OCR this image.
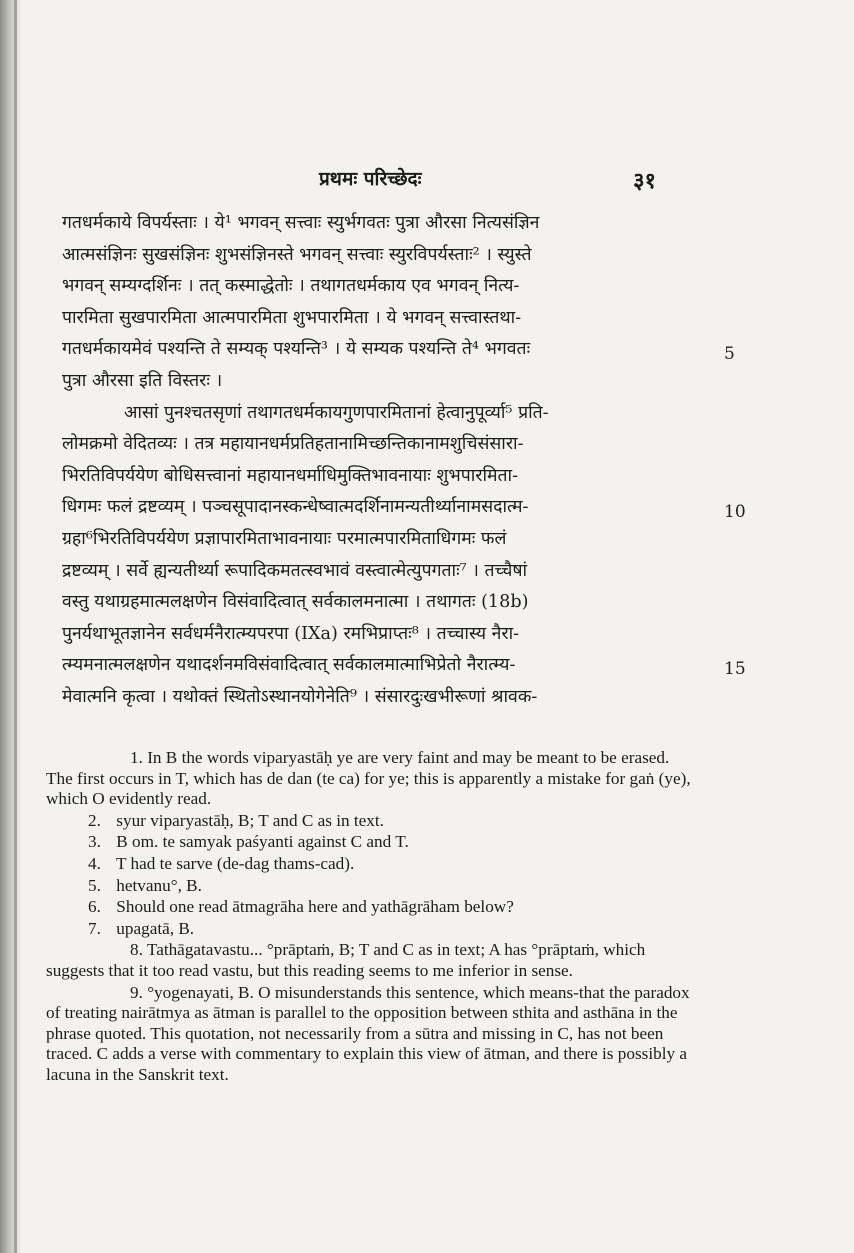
प्रथमः परिच्छेदः	३१
गतधर्मकाये विपर्यस्ताः । ये¹ भगवन् सत्त्वाः स्युर्भगवतः पुत्रा औरसा नित्यसंज्ञिन
आत्मसंज्ञिनः सुखसंज्ञिनः शुभसंज्ञिनस्ते भगवन् सत्त्वाः स्युरविपर्यस्ताः² । स्युस्ते
भगवन् सम्यग्दर्शिनः । तत् कस्माद्धेतोः । तथागतधर्मकाय एव भगवन् नित्य-
पारमिता सुखपारमिता आत्मपारमिता शुभपारमिता । ये भगवन् सत्त्वास्तथा-
गतधर्मकायमेवं पश्यन्ति ते सम्यक् पश्यन्ति³ । ये सम्यक पश्यन्ति ते⁴ भगवतः
पुत्रा औरसा इति विस्तरः ।
आसां पुनश्चतसृणां तथागतधर्मकायगुणपारमितानां हेत्वानुपूर्व्या⁵ प्रति-
लोमक्रमो वेदितव्यः । तत्र महायानधर्मप्रतिहतानामिच्छन्तिकानामशुचिसंसारा-
भिरतिविपर्ययेण बोधिसत्त्वानां महायानधर्माधिमुक्तिभावनायाः शुभपारमिता-
धिगमः फलं द्रष्टव्यम् । पञ्चसूपादानस्कन्धेष्वात्मदर्शिनामन्यतीर्थ्यानामसदात्म-
ग्रहा⁶भिरतिविपर्ययेण प्रज्ञापारमिताभावनायाः परमात्मपारमिताधिगमः फलं
द्रष्टव्यम् । सर्वे ह्यन्यतीर्थ्या रूपादिकमतत्स्वभावं वस्त्वात्मेत्युपगताः⁷ । तच्चैषां
वस्तु यथाग्रहमात्मलक्षणेन विसंवादित्वात् सर्वकालमनात्मा । तथागतः (18b)
पुनर्यथाभूतज्ञानेन सर्वधर्मनैरात्म्यपरपा (IXa) रमभिप्राप्तः⁸ । तच्चास्य नैरा-
त्म्यमनात्मलक्षणेन यथादर्शनमविसंवादित्वात् सर्वकालमात्माभिप्रेतो नैरात्म्य-
मेवात्मनि कृत्वा । यथोक्तं स्थितोऽस्थानयोगेनेति⁹ । संसारदुःखभीरूणां श्रावक-
5
10
15
1. In B the words viparyastāḥ ye are very faint and may be meant to be erased. The first occurs in T, which has de dan (te ca) for ye; this is apparently a mistake for gaṅ (ye), which O evidently read.
2. syur viparyastāḥ, B; T and C as in text.
3. B om. te samyak paśyanti against C and T.
4. T had te sarve (de-dag thams-cad).
5. hetvanu°, B.
6. Should one read ātmagrāha here and yathāgrāham below?
7. upagatā, B.
8. Tathāgatavastu... °prāptaṁ, B; T and C as in text; A has °prāptaṁ, which suggests that it too read vastu, but this reading seems to me inferior in sense.
9. °yogenayati, B. O misunderstands this sentence, which means-that the paradox of treating nairātmya as ātman is parallel to the opposition between sthita and asthāna in the phrase quoted. This quotation, not necessarily from a sūtra and missing in C, has not been traced. C adds a verse with commentary to explain this view of ātman, and there is possibly a lacuna in the Sanskrit text.
